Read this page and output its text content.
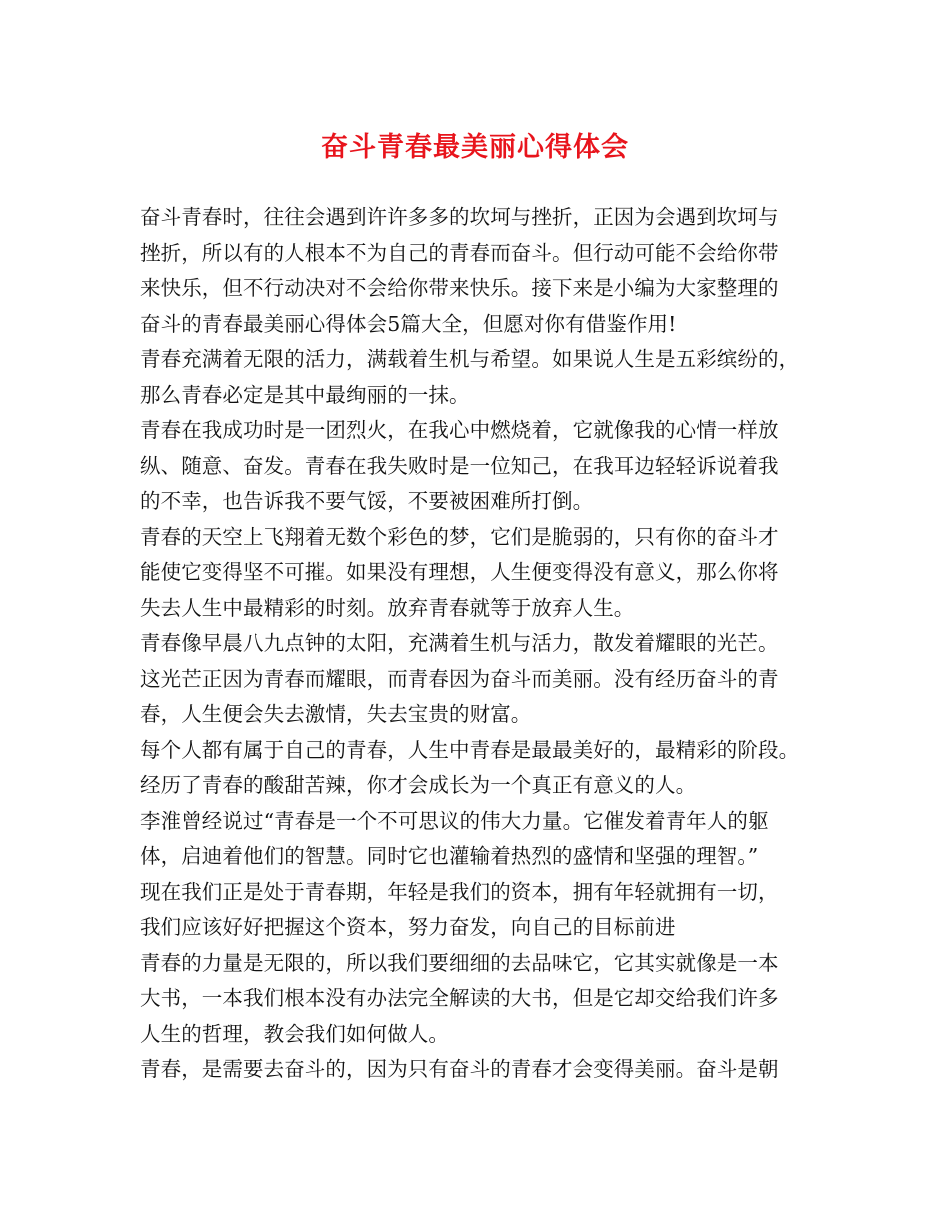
奋斗青春最美丽心得体会
奋斗青春时，往往会遇到许许多多的坎坷与挫折，正因为会遇到坎坷与
挫折，所以有的人根本不为自己的青春而奋斗。但行动可能不会给你带
来快乐，但不行动决对不会给你带来快乐。接下来是小编为大家整理的
奋斗的青春最美丽心得体会5篇大全，但愿对你有借鉴作用!
青春充满着无限的活力，满载着生机与希望。如果说人生是五彩缤纷的，
那么青春必定是其中最绚丽的一抹。
青春在我成功时是一团烈火，在我心中燃烧着，它就像我的心情一样放
纵、随意、奋发。青春在我失败时是一位知己，在我耳边轻轻诉说着我
的不幸，也告诉我不要气馁，不要被困难所打倒。
青春的天空上飞翔着无数个彩色的梦，它们是脆弱的，只有你的奋斗才
能使它变得坚不可摧。如果没有理想，人生便变得没有意义，那么你将
失去人生中最精彩的时刻。放弃青春就等于放弃人生。
青春像早晨八九点钟的太阳，充满着生机与活力，散发着耀眼的光芒。
这光芒正因为青春而耀眼，而青春因为奋斗而美丽。没有经历奋斗的青
春，人生便会失去激情，失去宝贵的财富。
每个人都有属于自己的青春，人生中青春是最最美好的，最精彩的阶段。
经历了青春的酸甜苦辣，你才会成长为一个真正有意义的人。
李淮曾经说过“青春是一个不可思议的伟大力量。它催发着青年人的躯
体，启迪着他们的智慧。同时它也灌输着热烈的盛情和坚强的理智。”
现在我们正是处于青春期，年轻是我们的资本，拥有年轻就拥有一切，
我们应该好好把握这个资本，努力奋发，向自己的目标前进
青春的力量是无限的，所以我们要细细的去品味它，它其实就像是一本
大书，一本我们根本没有办法完全解读的大书，但是它却交给我们许多
人生的哲理，教会我们如何做人。
青春，是需要去奋斗的，因为只有奋斗的青春才会变得美丽。奋斗是朝
